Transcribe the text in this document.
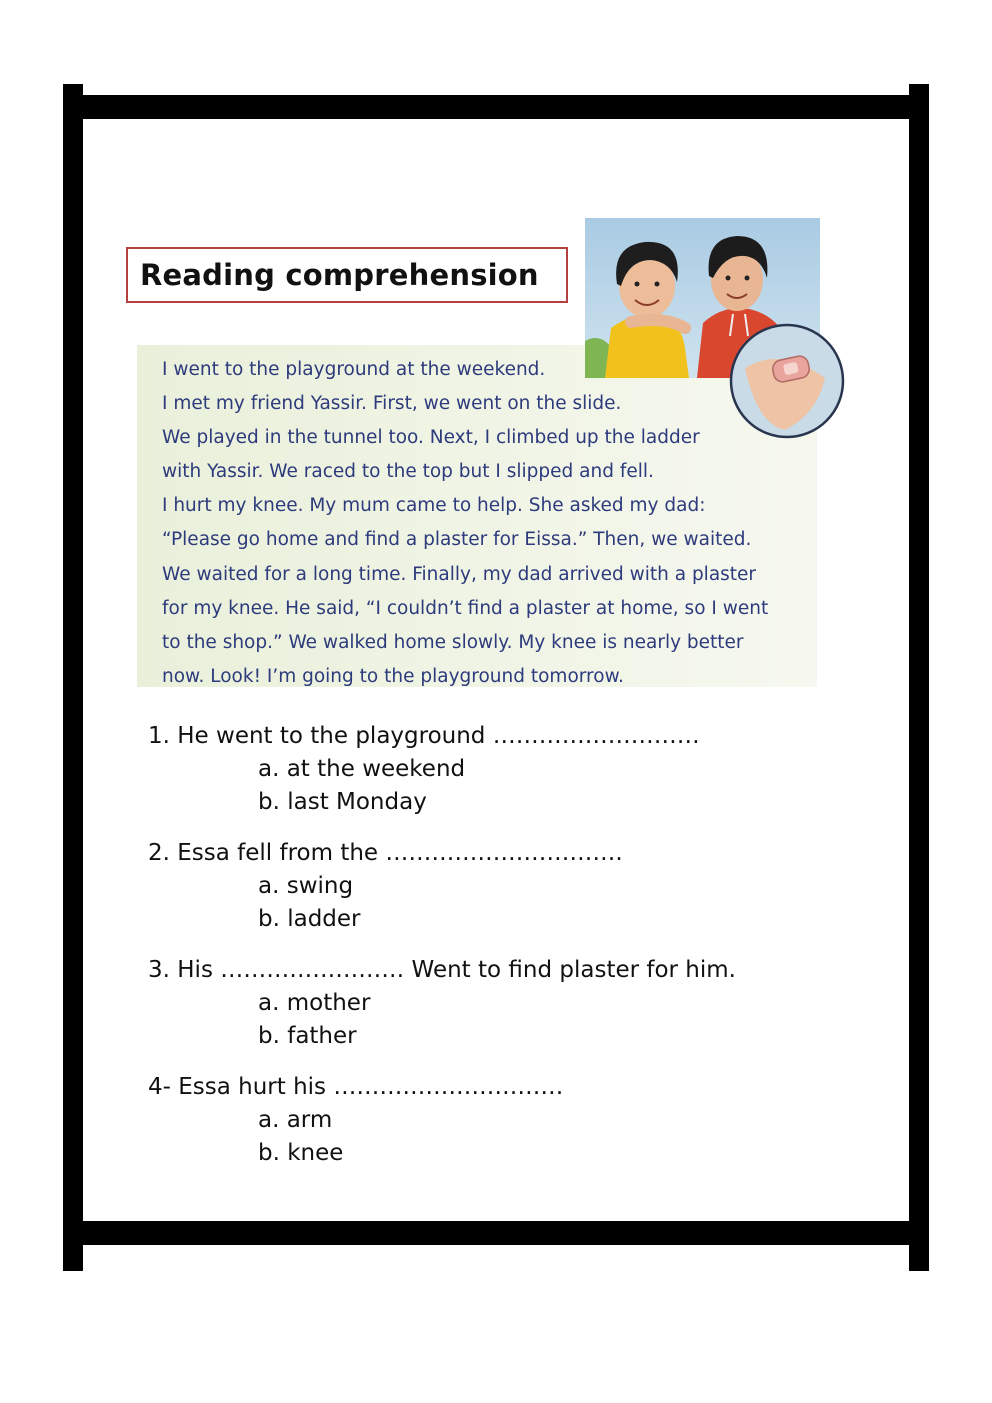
Reading comprehension
I went to the playground at the weekend.
I met my friend Yassir. First, we went on the slide.
We played in the tunnel too. Next, I climbed up the ladder
with Yassir. We raced to the top but I slipped and fell.
I hurt my knee. My mum came to help. She asked my dad:
“Please go home and find a plaster for Eissa.” Then, we waited.
We waited for a long time. Finally, my dad arrived with a plaster
for my knee. He said, “I couldn’t find a plaster at home, so I went
to the shop.” We walked home slowly. My knee is nearly better
now. Look! I’m going to the playground tomorrow.
1. He went to the playground ………………………
a. at the weekend
b. last Monday
2. Essa fell from the ………………………….
a. swing
b. ladder
3. His …………………… Went to find plaster for him.
a. mother
b. father
4- Essa hurt his …………………………
a. arm
b. knee
